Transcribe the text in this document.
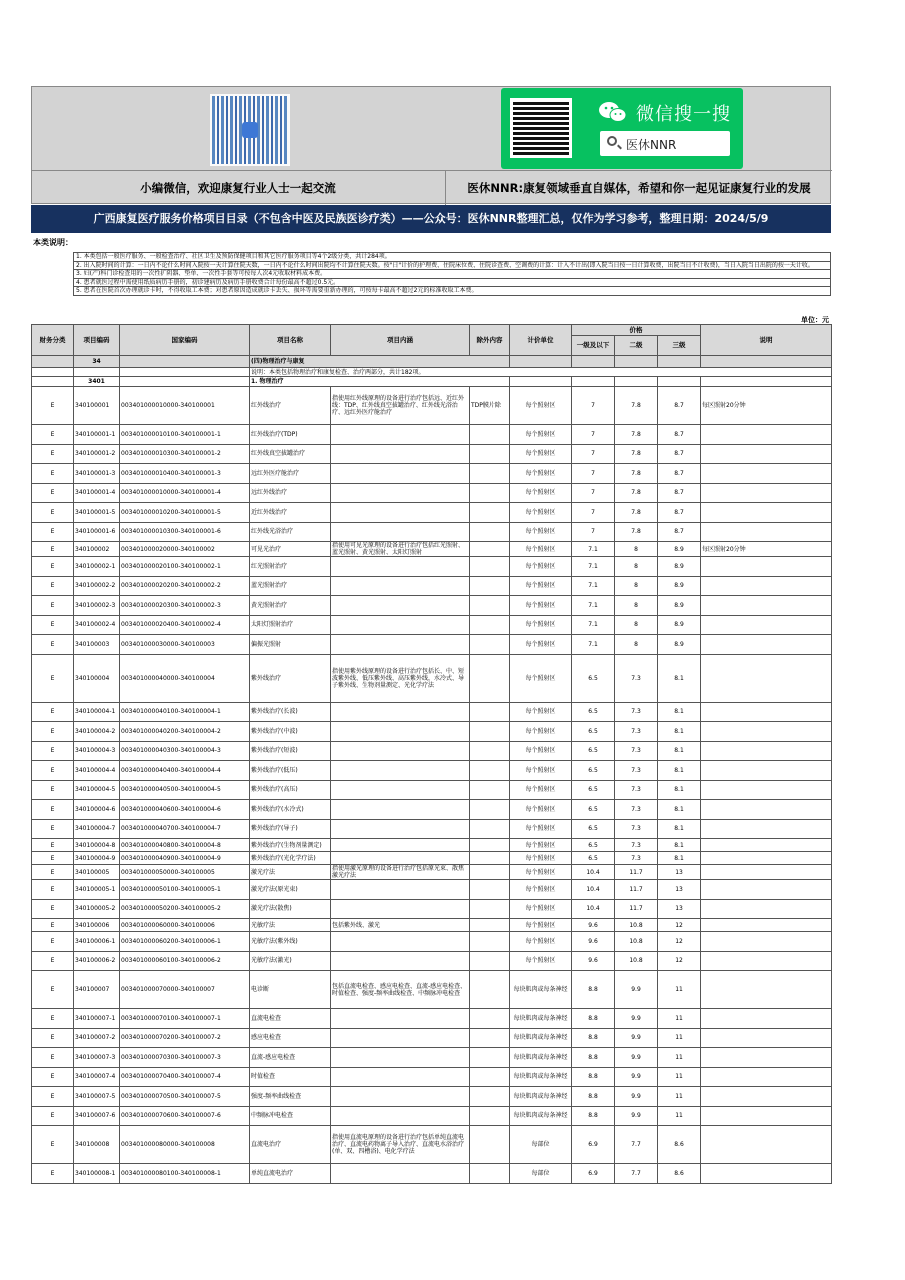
微信搜一搜
医休NNR
小编微信，欢迎康复行业人士一起交流	医休NNR:康复领域垂直自媒体，希望和你一起见证康复行业的发展
广西康复医疗服务价格项目目录（不包含中医及民族医诊疗类）——公众号：医休NNR整理汇总，仅作为学习参考，整理日期：2024/5/9
本类说明：
1. 本类包括一般医疗服务、一般检查治疗、社区卫生及预防保健项目和其它医疗服务项目等4个2级分类，共计284项。
2. 出入院时间的计算：一日内不论什么时间入院按一天计算住院天数，一日内不论什么时间出院均不计算住院天数。按"日"计价的护理费、住院床位费、住院诊查费、空调费的计算：计入不计出(即入院当日按一日计算收费，出院当日不计收费)，当日入院当日出院的按一天计收。
3. 妇(产)科门诊检查用的一次性扩阴器、垫单、一次性手套等可按每人次4元收取材料成本费。
4. 患者就医过程中需使用纸质病历手册的，初诊建病历及病历手册收费合计每份最高不超过0.5元。
5. 患者在医院首次办理就诊卡时，不得收取工本费；对患者原因造成就诊卡丢失、损坏等需要重新办理的，可按每卡最高不超过2元的标准收取工本费。
单位：元
财务分类	项目编码	国家编码	项目名称	项目内涵	除外内容	计价单位	价格			说明
							一级及以下	二级	三级	
	34		(四)物理治疗与康复							
			说明：本类包括物理治疗和康复检查、治疗两部分，共计182项。							
	3401		1. 物理治疗							
E	340100001	003401000010000-340100001	红外线治疗	指使用红外线原理的设备进行治疗包括远、近红外线：TDP、红外线真空拔罐治疗、红外线光浴治疗、远红外医疗舱治疗	TDP膜片除	每个照射区	7	7.8	8.7	每区照射20分钟
E	340100001-1	003401000010100-340100001-1	红外线治疗(TDP)			每个照射区	7	7.8	8.7	
E	340100001-2	003401000010300-340100001-2	红外线真空拔罐治疗			每个照射区	7	7.8	8.7	
E	340100001-3	003401000010400-340100001-3	远红外医疗舱治疗			每个照射区	7	7.8	8.7	
E	340100001-4	003401000010000-340100001-4	远红外线治疗			每个照射区	7	7.8	8.7	
E	340100001-5	003401000010200-340100001-5	近红外线治疗			每个照射区	7	7.8	8.7	
E	340100001-6	003401000010300-340100001-6	红外线光浴治疗			每个照射区	7	7.8	8.7	
E	340100002	003401000020000-340100002	可见光治疗	指使用可见光原理的设备进行治疗包括红光照射、蓝光照射、黄光照射、太阳灯照射		每个照射区	7.1	8	8.9	每区照射20分钟
E	340100002-1	003401000020100-340100002-1	红光照射治疗			每个照射区	7.1	8	8.9	
E	340100002-2	003401000020200-340100002-2	蓝光照射治疗			每个照射区	7.1	8	8.9	
E	340100002-3	003401000020300-340100002-3	黄光照射治疗			每个照射区	7.1	8	8.9	
E	340100002-4	003401000020400-340100002-4	太阳灯照射治疗			每个照射区	7.1	8	8.9	
E	340100003	003401000030000-340100003	偏振光照射			每个照射区	7.1	8	8.9	
E	340100004	003401000040000-340100004	紫外线治疗	指使用紫外线原理的设备进行治疗包括长、中、短波紫外线、低压紫外线、高压紫外线，水冷式、导子紫外线、生物剂量测定、光化学疗法		每个照射区	6.5	7.3	8.1	
E	340100004-1	003401000040100-340100004-1	紫外线治疗(长波)			每个照射区	6.5	7.3	8.1	
E	340100004-2	003401000040200-340100004-2	紫外线治疗(中波)			每个照射区	6.5	7.3	8.1	
E	340100004-3	003401000040300-340100004-3	紫外线治疗(短波)			每个照射区	6.5	7.3	8.1	
E	340100004-4	003401000040400-340100004-4	紫外线治疗(低压)			每个照射区	6.5	7.3	8.1	
E	340100004-5	003401000040500-340100004-5	紫外线治疗(高压)			每个照射区	6.5	7.3	8.1	
E	340100004-6	003401000040600-340100004-6	紫外线治疗(水冷式)			每个照射区	6.5	7.3	8.1	
E	340100004-7	003401000040700-340100004-7	紫外线治疗(导子)			每个照射区	6.5	7.3	8.1	
E	340100004-8	003401000040800-340100004-8	紫外线治疗(生物剂量测定)			每个照射区	6.5	7.3	8.1	
E	340100004-9	003401000040900-340100004-9	紫外线治疗(光化学疗法)			每个照射区	6.5	7.3	8.1	
E	340100005	003401000050000-340100005	激光疗法	指使用激光原理的设备进行治疗包括原光束、散焦激光疗法		每个照射区	10.4	11.7	13	
E	340100005-1	003401000050100-340100005-1	激光疗法(原光束)			每个照射区	10.4	11.7	13	
E	340100005-2	003401000050200-340100005-2	激光疗法(散焦)			每个照射区	10.4	11.7	13	
E	340100006	003401000060000-340100006	光敏疗法	包括紫外线、激光		每个照射区	9.6	10.8	12	
E	340100006-1	003401000060200-340100006-1	光敏疗法(紫外线)			每个照射区	9.6	10.8	12	
E	340100006-2	003401000060100-340100006-2	光敏疗法(激光)			每个照射区	9.6	10.8	12	
E	340100007	003401000070000-340100007	电诊断	包括直流电检查、感应电检查、直流-感应电检查、时值检查、强度-频率曲线检查、中频脉冲电检查		每块肌肉或每条神经	8.8	9.9	11	
E	340100007-1	003401000070100-340100007-1	直流电检查			每块肌肉或每条神经	8.8	9.9	11	
E	340100007-2	003401000070200-340100007-2	感应电检查			每块肌肉或每条神经	8.8	9.9	11	
E	340100007-3	003401000070300-340100007-3	直流-感应电检查			每块肌肉或每条神经	8.8	9.9	11	
E	340100007-4	003401000070400-340100007-4	时值检查			每块肌肉或每条神经	8.8	9.9	11	
E	340100007-5	003401000070500-340100007-5	强度-频率曲线检查			每块肌肉或每条神经	8.8	9.9	11	
E	340100007-6	003401000070600-340100007-6	中频脉冲电检查			每块肌肉或每条神经	8.8	9.9	11	
E	340100008	003401000080000-340100008	直流电治疗	指使用直流电原理的设备进行治疗包括单纯直流电治疗、直流电药物离子导入治疗、直流电水浴治疗(单、双、四槽浴)、电化学疗法		每部位	6.9	7.7	8.6	
E	340100008-1	003401000080100-340100008-1	单纯直流电治疗			每部位	6.9	7.7	8.6	
